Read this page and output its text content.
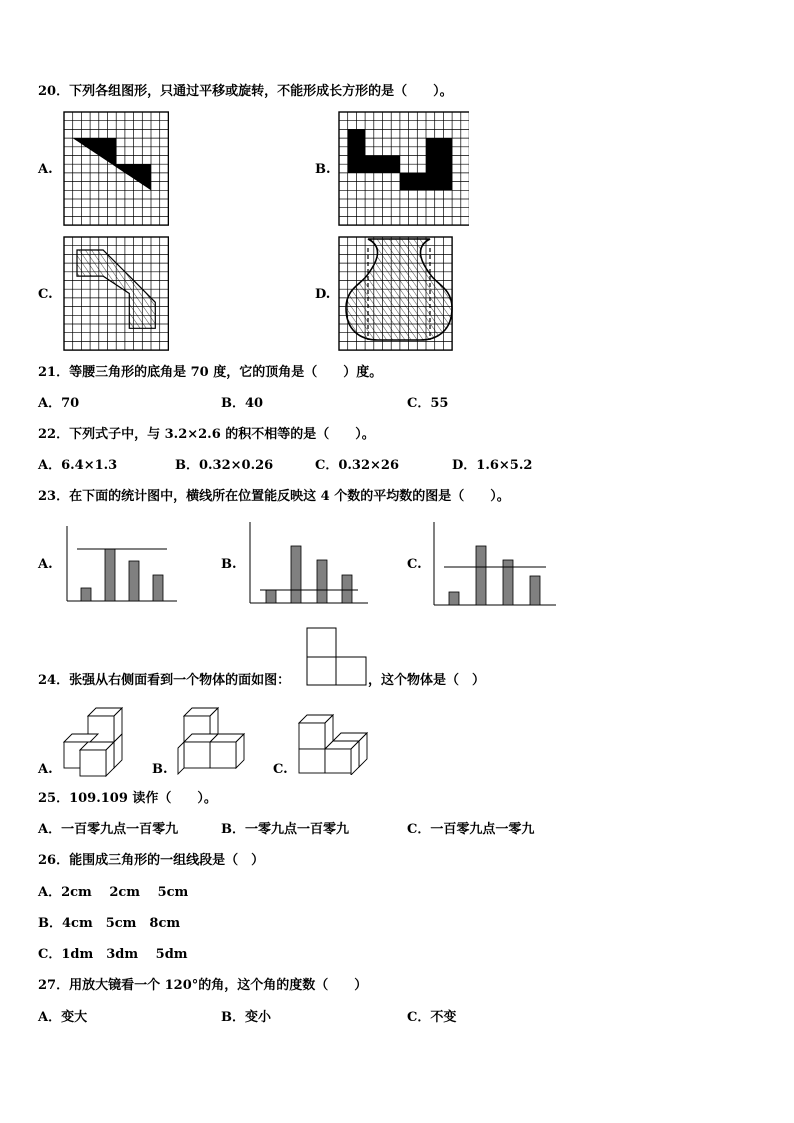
20．下列各组图形，只通过平移或旋转，不能形成长方形的是（　　）。
A.	B.
C.	D.
21．等腰三角形的底角是 70 度，它的顶角是（　　）度。
A．70	B．40	C．55
22．下列式子中，与 3.2×2.6 的积不相等的是（　　）。
A．6.4×1.3	B．0.32×0.26	C．0.32×26	D．1.6×5.2
23．在下面的统计图中，横线所在位置能反映这 4 个数的平均数的图是（　　）。
A.	B.	C.
24．张强从右侧面看到一个物体的面如图：	，这个物体是（　）
A.	B.	C.
25．109.109 读作（　　）。
A．一百零九点一百零九	B．一零九点一百零九	C．一百零九点一零九
26．能围成三角形的一组线段是（　）
A．2cm　 2cm　 5cm
B．4cm　5cm　8cm
C．1dm　3dm　 5dm
27．用放大镜看一个 120°的角，这个角的度数（　　）
A．变大	B．变小	C．不变
